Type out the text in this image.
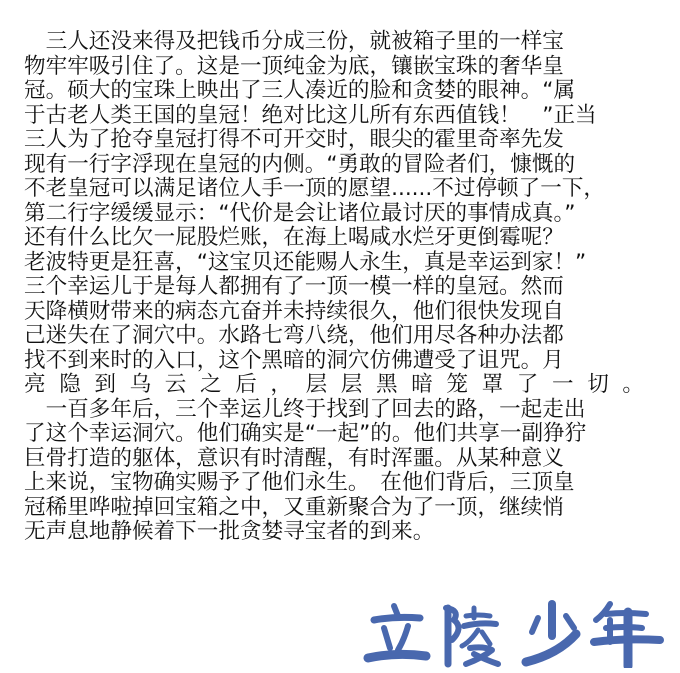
　三人还没来得及把钱币分成三份，就被箱子里的一样宝
物牢牢吸引住了。这是一顶纯金为底，镶嵌宝珠的奢华皇
冠。硕大的宝珠上映出了三人凑近的脸和贪婪的眼神。“属
于古老人类王国的皇冠！绝对比这儿所有东西值钱！　”正当
三人为了抢夺皇冠打得不可开交时，眼尖的霍里奇率先发
现有一行字浮现在皇冠的内侧。“勇敢的冒险者们，慷慨的
不老皇冠可以满足诸位人手一顶的愿望......不过停顿了一下，
第二行字缓缓显示：“代价是会让诸位最讨厌的事情成真。”
还有什么比欠一屁股烂账，在海上喝咸水烂牙更倒霉呢？
老波特更是狂喜，“这宝贝还能赐人永生，真是幸运到家！”
三个幸运儿于是每人都拥有了一顶一模一样的皇冠。然而
天降横财带来的病态亢奋并未持续很久，他们很快发现自
己迷失在了洞穴中。水路七弯八绕，他们用尽各种办法都
找不到来时的入口，这个黑暗的洞穴仿佛遭受了诅咒。月
亮 隐 到 乌 云 之 后 ， 层 层 黑 暗 笼 罩 了 一 切 。
　一百多年后，三个幸运儿终于找到了回去的路，一起走出
了这个幸运洞穴。他们确实是“一起”的。他们共享一副狰狞
巨骨打造的躯体，意识有时清醒，有时浑噩。从某种意义
上来说，宝物确实赐予了他们永生。　在他们背后，三顶皇
冠稀里哗啦掉回宝箱之中，又重新聚合为了一顶，继续悄
无声息地静候着下一批贪婪寻宝者的到来。
